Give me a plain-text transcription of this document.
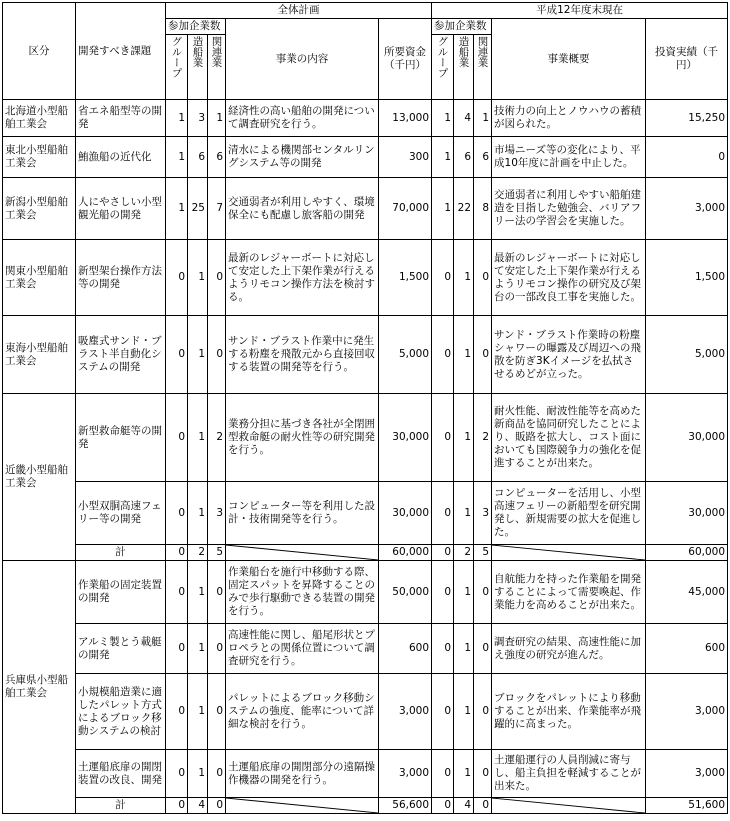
区分	開発すべき課題	全体計画					平成12年度末現在				
		参加企業数			事業の内容	所要資金（千円）	参加企業数			事業概要	投資実績（千円）

		グループ	造船業	関連業			グループ	造船業	関連業		

北海道小型船舶工業会	省エネ船型等の開発	1	3	1	経済性の高い船舶の開発について調査研究を行う。	13,000	1	4	1	技術力の向上とノウハウの蓄積が図られた。	15,250
東北小型船舶工業会	鮪漁船の近代化	1	6	6	清水による機関部センタルリングシステム等の開発	300	1	6	6	市場ニーズ等の変化により、平成10年度に計画を中止した。	0
新潟小型船舶工業会	人にやさしい小型観光船の開発	1	25	7	交通弱者が利用しやすく、環境保全にも配慮し旅客船の開発	70,000	1	22	8	交通弱者に利用しやすい船舶建造を目指した勉強会、バリアフリー法の学習会を実施した。	3,000
関東小型船舶工業会	新型架台操作方法等の開発	0	1	0	最新のレジャーボートに対応して安定した上下架作業が行えるようリモコン操作方法を検討する。	1,500	0	1	0	最新のレジャーボートに対応して安定した上下架作業が行えるようリモコン操作の研究及び架台の一部改良工事を実施した。	1,500
東海小型船舶工業会	吸塵式サンド・ブラスト半自動化システムの開発	0	1	0	サンド・ブラスト作業中に発生する粉塵を飛散元から直接回収する装置の開発等を行う。	5,000	0	1	0	サンド・ブラスト作業時の粉塵シャワーの曝露及び周辺への飛散を防ぎ3Kイメージを払拭させるめどが立った。	5,000
近畿小型船舶工業会	新型救命艇等の開発	0	1	2	業務分担に基づき各社が全閉囲型救命艇の耐火性等の研究開発を行う。	30,000	0	1	2	耐火性能、耐波性能等を高めた新商品を協同研究したことにより、販路を拡大し、コスト面においても国際競争力の強化を促進することが出来た。	30,000
	小型双胴高速フェリー等の開発	0	1	3	コンピューター等を利用した設計・技術開発等を行う。	30,000	0	1	3	コンピューターを活用し、小型高速フェリーの新船型を研究開発し、新規需要の拡大を促進した。	30,000
	計	0	2	5		60,000	0	2	5		60,000
兵庫県小型船舶工業会	作業船の固定装置の開発	0	1	0	作業船台を施行中移動する際、固定スパットを昇降することのみで歩行駆動できる装置の開発を行う。	50,000	0	1	0	自航能力を持った作業船を開発することによって需要喚起、作業能力を高めることが出来た。	45,000
	アルミ製とう載艇の開発	0	1	0	高速性能に関し、船尾形状とプロペラとの関係位置について調査研究を行う。	600	0	1	0	調査研究の結果、高速性能に加え強度の研究が進んだ。	600
	小規模船造業に適したパレット方式によるブロック移動システムの検討	0	1	0	パレットによるブロック移動システムの強度、能率について詳細な検討を行う。	3,000	0	1	0	ブロックをパレットにより移動することが出来、作業能率が飛躍的に高まった。	3,000
	土運船底扉の開閉装置の改良、開発	0	1	0	土運船底扉の開閉部分の遠隔操作機器の開発を行う。	3,000	0	1	0	土運船運行の人員削減に寄与し、船主負担を軽減することが出来た。	3,000
	計	0	4	0		56,600	0	4	0		51,600
